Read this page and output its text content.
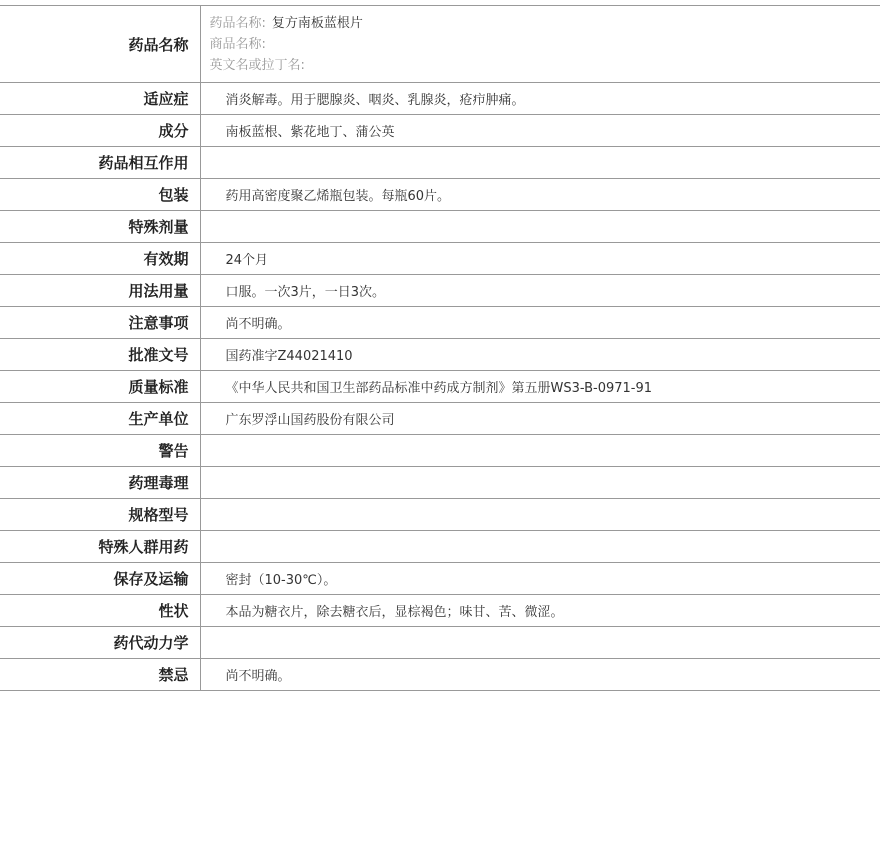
药品名称	药品名称: 复方南板蓝根片
商品名称:
英文名或拉丁名:

适应症	消炎解毒。用于腮腺炎、咽炎、乳腺炎，疮疖肿痛。
成分	南板蓝根、紫花地丁、蒲公英
药品相互作用	
包装	药用高密度聚乙烯瓶包装。每瓶60片。
特殊剂量	
有效期	24个月
用法用量	口服。一次3片，一日3次。
注意事项	尚不明确。
批准文号	国药准字Z44021410
质量标准	《中华人民共和国卫生部药品标准中药成方制剂》第五册WS3-B-0971-91
生产单位	广东罗浮山国药股份有限公司
警告	
药理毒理	
规格型号	
特殊人群用药	
保存及运输	密封（10-30℃）。
性状	本品为糖衣片，除去糖衣后，显棕褐色；味甘、苦、微涩。
药代动力学	
禁忌	尚不明确。
